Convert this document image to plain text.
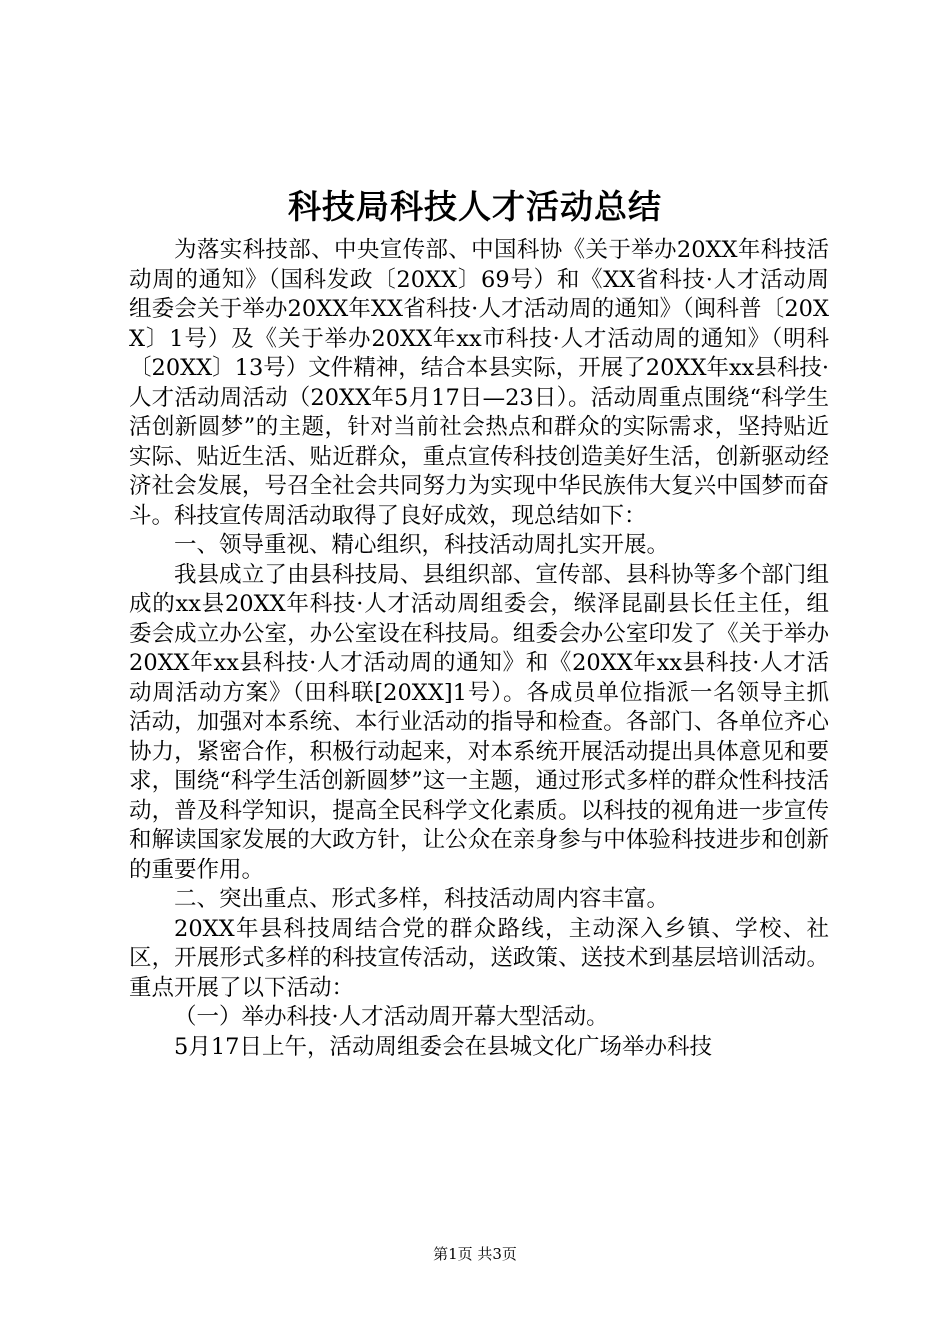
科技局科技人才活动总结

为落实科技部、中央宣传部、中国科协《关于举办20XX年科技活动周的通知》（国科发政〔20XX〕69号）和《XX省科技·人才活动周组委会关于举办20XX年XX省科技·人才活动周的通知》（闽科普〔20XX〕1号）及《关于举办20XX年xx市科技·人才活动周的通知》（明科〔20XX〕13号）文件精神，结合本县实际，开展了20XX年xx县科技·人才活动周活动（20XX年5月17日—23日）。活动周重点围绕“科学生活创新圆梦”的主题，针对当前社会热点和群众的实际需求，坚持贴近实际、贴近生活、贴近群众，重点宣传科技创造美好生活，创新驱动经济社会发展，号召全社会共同努力为实现中华民族伟大复兴中国梦而奋斗。科技宣传周活动取得了良好成效，现总结如下：

一、领导重视、精心组织，科技活动周扎实开展。

我县成立了由县科技局、县组织部、宣传部、县科协等多个部门组成的xx县20XX年科技·人才活动周组委会，缑泽昆副县长任主任，组委会成立办公室，办公室设在科技局。组委会办公室印发了《关于举办20XX年xx县科技·人才活动周的通知》和《20XX年xx县科技·人才活动周活动方案》（田科联[20XX]1号）。各成员单位指派一名领导主抓活动，加强对本系统、本行业活动的指导和检查。各部门、各单位齐心协力，紧密合作，积极行动起来，对本系统开展活动提出具体意见和要求，围绕“科学生活创新圆梦”这一主题，通过形式多样的群众性科技活动，普及科学知识，提高全民科学文化素质。以科技的视角进一步宣传和解读国家发展的大政方针，让公众在亲身参与中体验科技进步和创新的重要作用。

二、突出重点、形式多样，科技活动周内容丰富。

20XX年县科技周结合党的群众路线，主动深入乡镇、学校、社区，开展形式多样的科技宣传活动，送政策、送技术到基层培训活动。重点开展了以下活动：

（一）举办科技·人才活动周开幕大型活动。

5月17日上午，活动周组委会在县城文化广场举办科技

第1页 共3页
